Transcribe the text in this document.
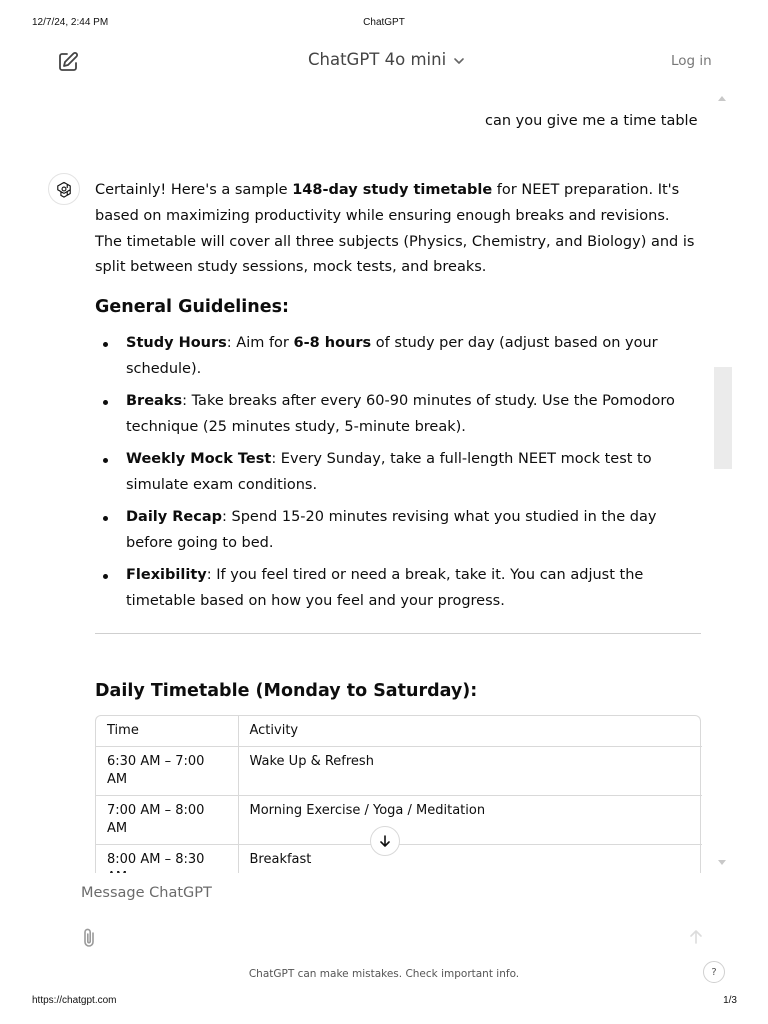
12/7/24, 2:44 PM	ChatGPT
ChatGPT 4o mini	Log in
can you give me a time table
Certainly! Here's a sample 148-day study timetable for NEET preparation. It's based on maximizing productivity while ensuring enough breaks and revisions. The timetable will cover all three subjects (Physics, Chemistry, and Biology) and is split between study sessions, mock tests, and breaks.
General Guidelines:
Study Hours: Aim for 6-8 hours of study per day (adjust based on your schedule).
Breaks: Take breaks after every 60-90 minutes of study. Use the Pomodoro technique (25 minutes study, 5-minute break).
Weekly Mock Test: Every Sunday, take a full-length NEET mock test to simulate exam conditions.
Daily Recap: Spend 15-20 minutes revising what you studied in the day before going to bed.
Flexibility: If you feel tired or need a break, take it. You can adjust the timetable based on how you feel and your progress.
Daily Timetable (Monday to Saturday):
Time	Activity
6:30 AM – 7:00 AM	Wake Up & Refresh
7:00 AM – 8:00 AM	Morning Exercise / Yoga / Meditation
8:00 AM – 8:30	Breakfast

Message ChatGPT
ChatGPT can make mistakes. Check important info.	?
https://chatgpt.com	1/3
